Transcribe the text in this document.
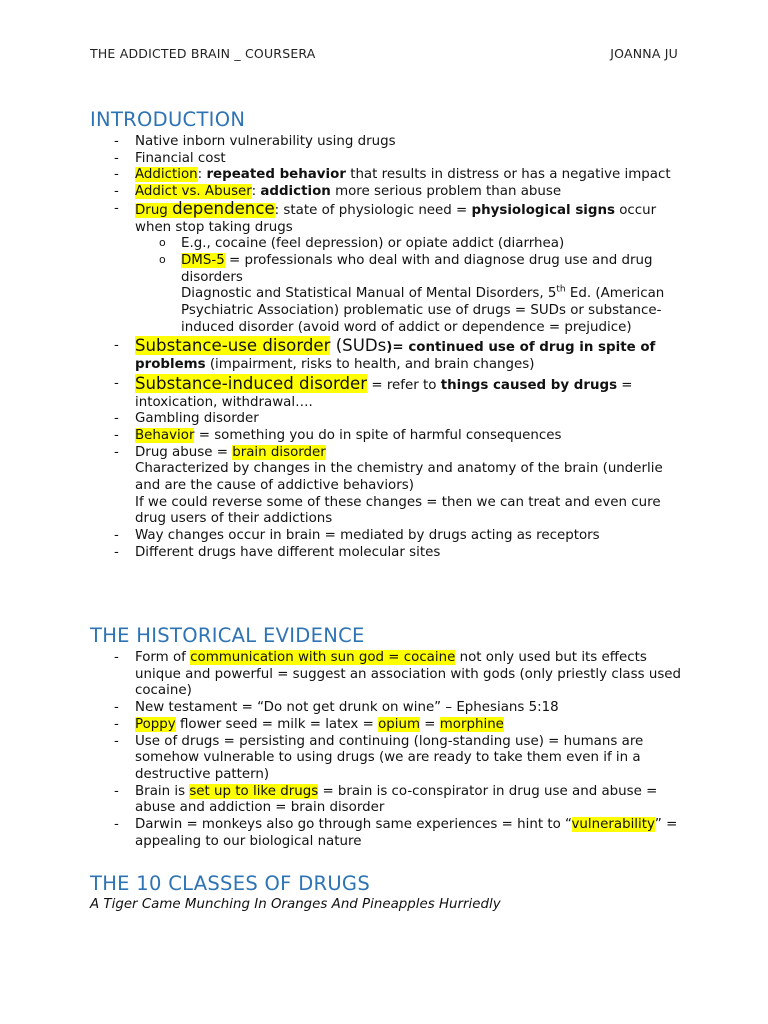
THE ADDICTED BRAIN _ COURSERA	JOANNA JU
INTRODUCTION
- Native inborn vulnerability using drugs
- Financial cost
- Addiction: repeated behavior that results in distress or has a negative impact
- Addict vs. Abuser: addiction more serious problem than abuse
- Drug dependence: state of physiologic need = physiological signs occur when stop taking drugs
o E.g., cocaine (feel depression) or opiate addict (diarrhea)
o DMS-5 = professionals who deal with and diagnose drug use and drug disorders
Diagnostic and Statistical Manual of Mental Disorders, 5th Ed. (American Psychiatric Association) problematic use of drugs = SUDs or substance-induced disorder (avoid word of addict or dependence = prejudice)
- Substance-use disorder (SUDs)= continued use of drug in spite of problems (impairment, risks to health, and brain changes)
- Substance-induced disorder = refer to things caused by drugs = intoxication, withdrawal….
- Gambling disorder
- Behavior = something you do in spite of harmful consequences
- Drug abuse = brain disorder
Characterized by changes in the chemistry and anatomy of the brain (underlie and are the cause of addictive behaviors)
If we could reverse some of these changes = then we can treat and even cure drug users of their addictions
- Way changes occur in brain = mediated by drugs acting as receptors
- Different drugs have different molecular sites
THE HISTORICAL EVIDENCE
- Form of communication with sun god = cocaine not only used but its effects unique and powerful = suggest an association with gods (only priestly class used cocaine)
- New testament = “Do not get drunk on wine” – Ephesians 5:18
- Poppy flower seed = milk = latex = opium = morphine
- Use of drugs = persisting and continuing (long-standing use) = humans are somehow vulnerable to using drugs (we are ready to take them even if in a destructive pattern)
- Brain is set up to like drugs = brain is co-conspirator in drug use and abuse = abuse and addiction = brain disorder
- Darwin = monkeys also go through same experiences = hint to “vulnerability” = appealing to our biological nature
THE 10 CLASSES OF DRUGS
A Tiger Came Munching In Oranges And Pineapples Hurriedly
